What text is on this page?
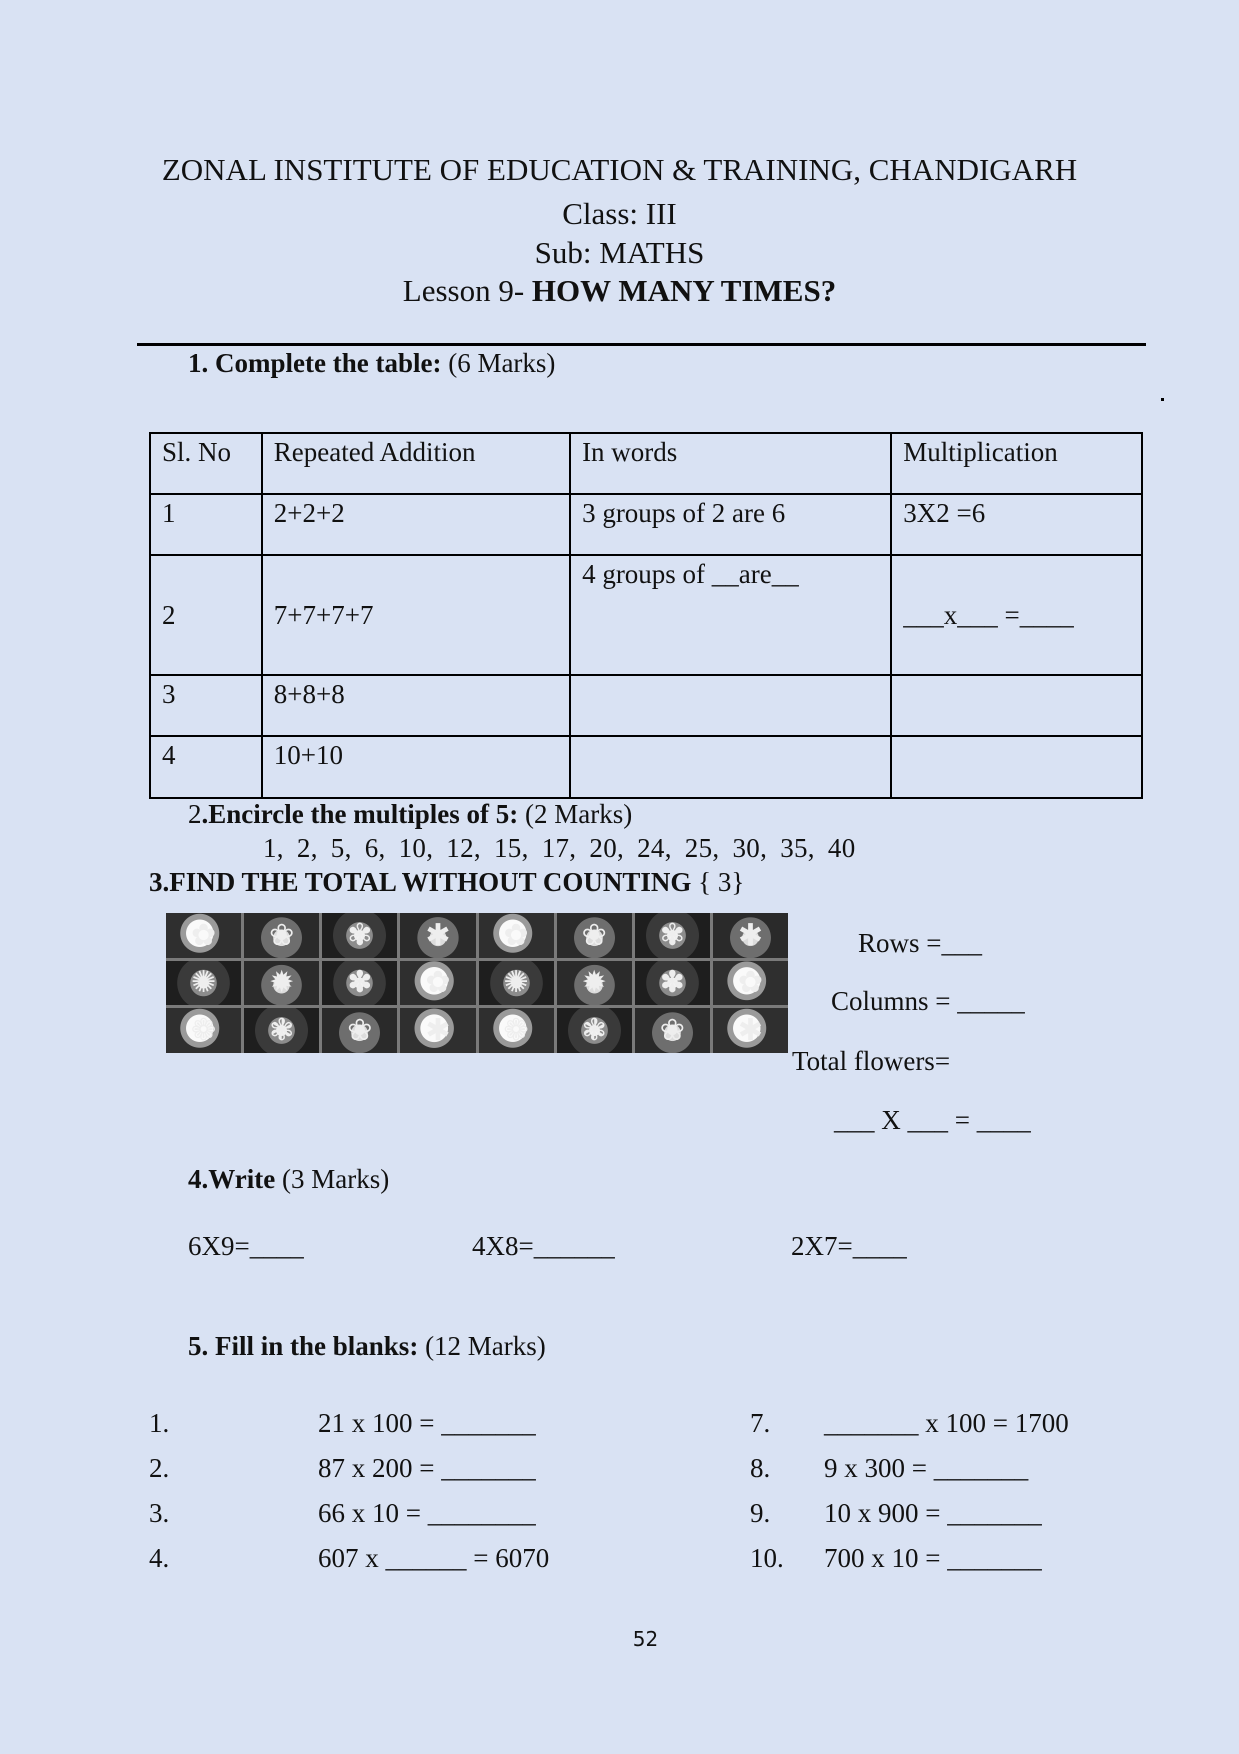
ZONAL INSTITUTE OF EDUCATION & TRAINING, CHANDIGARH
Class: III
Sub: MATHS
Lesson 9- HOW MANY TIMES?
1. Complete the table: (6 Marks)
Sl. No	Repeated Addition	In words	Multiplication
1	2+2+2	3 groups of 2 are 6	3X2 =6
2	7+7+7+7	4 groups of __are__	___x___ =____
3	8+8+8		
4	10+10		
2.Encircle the multiples of 5: (2 Marks)
1, 2, 5, 6, 10, 12, 15, 17, 20, 24, 25, 30, 35, 40
3.FIND THE TOTAL WITHOUT COUNTING { 3}
✿	❀	✾	✱	✿	❀	✾	✱
✺	✹	✽	✿	✺	✹	✽	✿
❁	❃	❀	✱	❁	❃	❀	✱
Rows =___
Columns = _____
Total flowers=
___ X ___ = ____
4.Write (3 Marks)
6X9=____	4X8=______	2X7=____
5. Fill in the blanks: (12 Marks)
1.	21 x 100 = _______
2.	87 x 200 = _______
3.	66 x 10 = ________
4.	607 x ______ = 6070
7. _______ x 100 = 1700
8. 9 x 300 = _______
9. 10 x 900 = _______
10. 700 x 10 = _______
52
